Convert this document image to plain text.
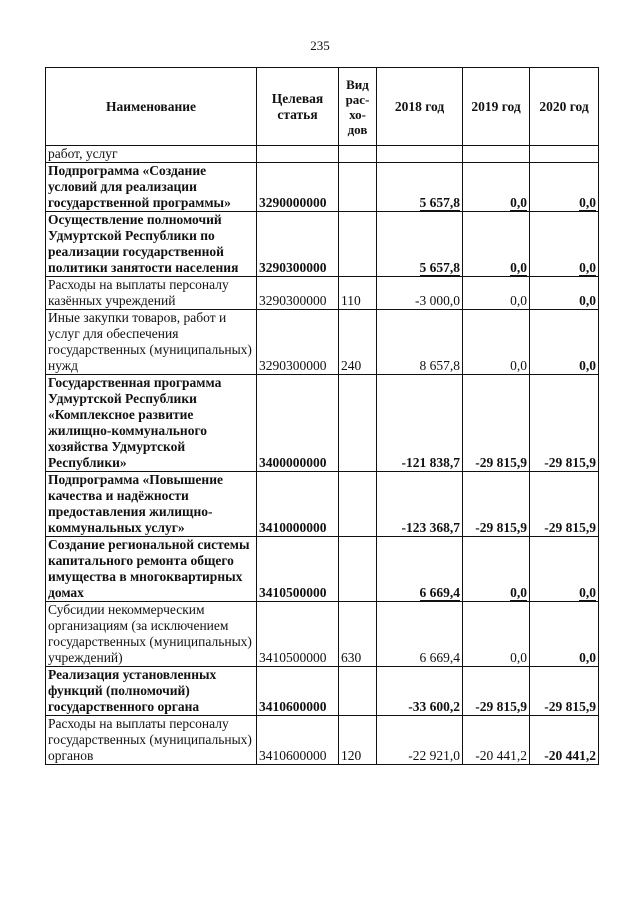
235
Наименование	Целевая статья	Вид рас- хо- дов	2018 год	2019 год	2020 год
работ, услуг					
Подпрограмма «Создание условий для реализации государственной программы»	3290000000		5 657,8	0,0	0,0
Осуществление полномочий Удмуртской Республики по реализации государственной политики занятости населения	3290300000		5 657,8	0,0	0,0
Расходы на выплаты персоналу казённых учреждений	3290300000	110	-3 000,0	0,0	0,0
Иные закупки товаров, работ и услуг для обеспечения государственных (муниципальных) нужд	3290300000	240	8 657,8	0,0	0,0
Государственная программа Удмуртской Республики «Комплексное развитие жилищно-коммунального хозяйства Удмуртской Республики»	3400000000		-121 838,7	-29 815,9	-29 815,9
Подпрограмма «Повышение качества и надёжности предоставления жилищно-коммунальных услуг»	3410000000		-123 368,7	-29 815,9	-29 815,9
Создание региональной системы капитального ремонта общего имущества в многоквартирных домах	3410500000		6 669,4	0,0	0,0
Субсидии некоммерческим организациям (за исключением государственных (муниципальных) учреждений)	3410500000	630	6 669,4	0,0	0,0
Реализация установленных функций (полномочий) государственного органа	3410600000		-33 600,2	-29 815,9	-29 815,9
Расходы на выплаты персоналу государственных (муниципальных) органов	3410600000	120	-22 921,0	-20 441,2	-20 441,2
